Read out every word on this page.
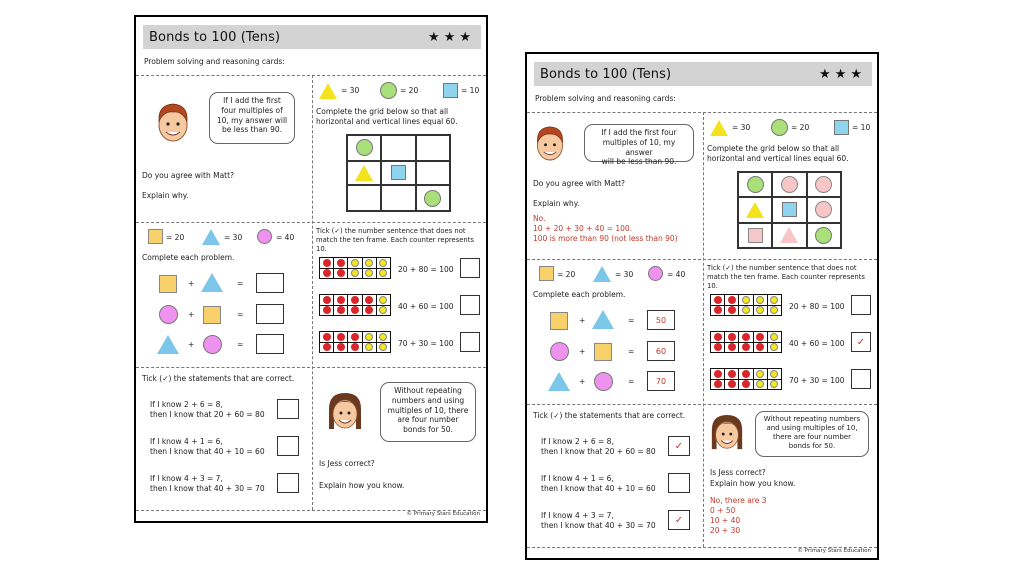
Bonds to 100 (Tens)	★ ★ ★
Problem solving and reasoning cards:
If I add the first
four multiples of
10, my answer will
be less than 90.
Do you agree with Matt?
Explain why.
= 30	= 20	= 10
Complete the grid below so that all
horizontal and vertical lines equal 60.
= 20	= 30	= 40
Complete each problem.
+	=
+	=
+	=
Tick (✓) the number sentence that does not
match the ten frame. Each counter represents 10.
20 + 80 = 100
40 + 60 = 100
70 + 30 = 100
Tick (✓) the statements that are correct.
If I know 2 + 6 = 8,
then I know that 20 + 60 = 80
If I know 4 + 1 = 6,
then I know that 40 + 10 = 60
If I know 4 + 3 = 7,
then I know that 40 + 30 = 70
Without repeating
numbers and using
multiples of 10, there
are four number
bonds for 50.
Is Jess correct?
Explain how you know.
© Primary Stars Education
Bonds to 100 (Tens)	★ ★ ★
Problem solving and reasoning cards:
If I add the first four
multiples of 10, my answer
will be less than 90.
Do you agree with Matt?
Explain why.
No.
10 + 20 + 30 + 40 = 100.
100 is more than 90 (not less than 90)
= 30	= 20	= 10
Complete the grid below so that all
horizontal and vertical lines equal 60.
= 20	= 30	= 40
Complete each problem.
+	=	50
+	=	60
+	=	70
Tick (✓) the number sentence that does not
match the ten frame. Each counter represents 10.
20 + 80 = 100
40 + 60 = 100 ✓
70 + 30 = 100
Tick (✓) the statements that are correct.
If I know 2 + 6 = 8,
then I know that 20 + 60 = 80
✓
If I know 4 + 1 = 6,
then I know that 40 + 10 = 60
If I know 4 + 3 = 7,
then I know that 40 + 30 = 70
✓
Without repeating numbers
and using multiples of 10,
there are four number
bonds for 50.
Is Jess correct?
Explain how you know.
No, there are 3
0 + 50
10 + 40
20 + 30
© Primary Stars Education
